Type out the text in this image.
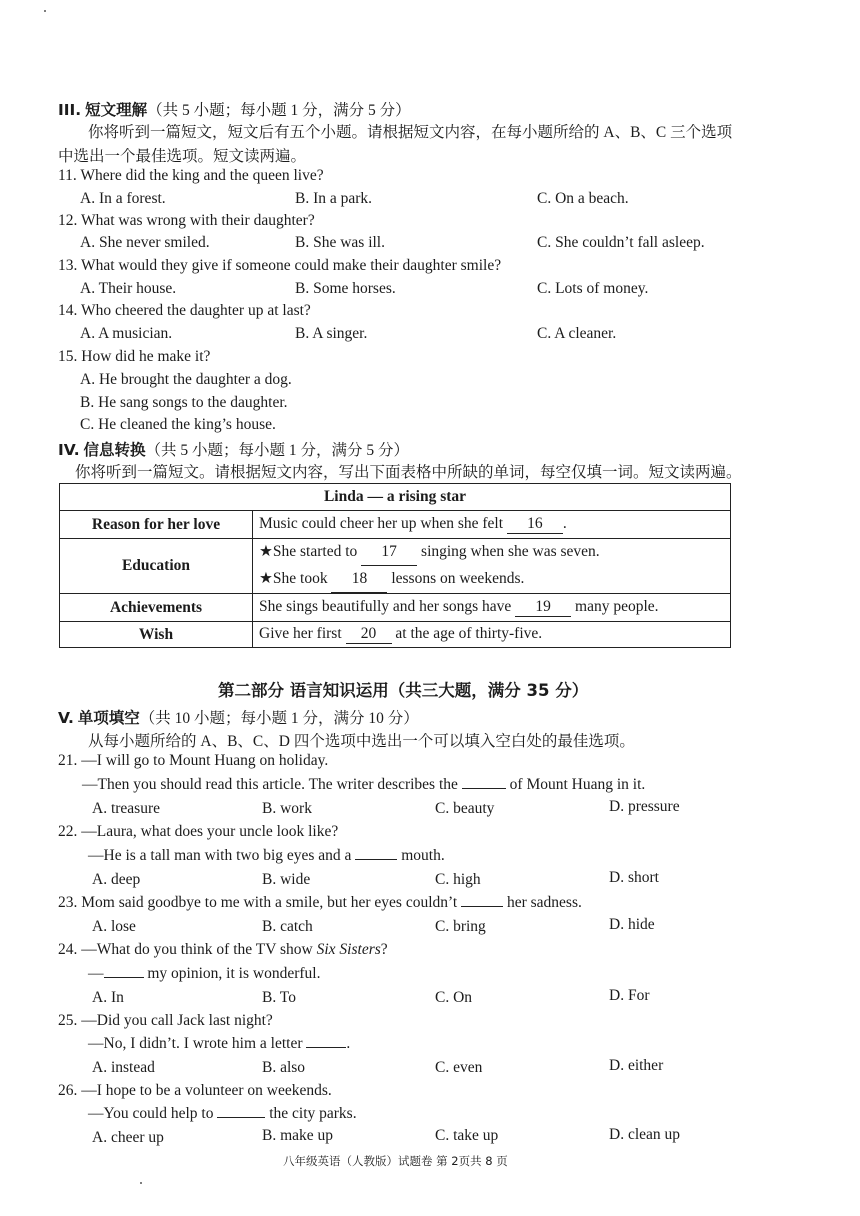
III. 短文理解（共 5 小题；每小题 1 分，满分 5 分）
你将听到一篇短文，短文后有五个小题。请根据短文内容，在每小题所给的 A、B、C 三个选项
中选出一个最佳选项。短文读两遍。
11. Where did the king and the queen live?
A. In a forest.	B. In a park.	C. On a beach.
12. What was wrong with their daughter?
A. She never smiled.	B. She was ill.	C. She couldn’t fall asleep.
13. What would they give if someone could make their daughter smile?
A. Their house.	B. Some horses.	C. Lots of money.
14. Who cheered the daughter up at last?
A. A musician.	B. A singer.	C. A cleaner.
15. How did he make it?
A. He brought the daughter a dog.
B. He sang songs to the daughter.
C. He cleaned the king’s house.
IV. 信息转换（共 5 小题；每小题 1 分，满分 5 分）
你将听到一篇短文。请根据短文内容，写出下面表格中所缺的单词，每空仅填一词。短文读两遍。
Linda — a rising star	
Reason for her love	Music could cheer her up when she felt 16 .
Education	★She started to 17 singing when she was seven.
★She took 18 lessons on weekends.

Achievements	She sings beautifully and her songs have 19 many people.
Wish	Give her first 20 at the age of thirty-five.
第二部分 语言知识运用（共三大题，满分 35 分）
V. 单项填空（共 10 小题；每小题 1 分，满分 10 分）
从每小题所给的 A、B、C、D 四个选项中选出一个可以填入空白处的最佳选项。
21. —I will go to Mount Huang on holiday.
—Then you should read this article. The writer describes the	of Mount Huang in it.
A. treasure	B. work	C. beauty	D. pressure
22. —Laura, what does your uncle look like?
—He is a tall man with two big eyes and a	mouth.
A. deep	B. wide	C. high	D. short
23. Mom said goodbye to me with a smile, but her eyes couldn’t	her sadness.
A. lose	B. catch	C. bring	D. hide
24. —What do you think of the TV show Six Sisters?
—	my opinion, it is wonderful.
A. In	B. To	C. On	D. For
25. —Did you call Jack last night?
—No, I didn’t. I wrote him a letter	.
A. instead	B. also	C. even	D. either
26. —I hope to be a volunteer on weekends.
—You could help to	the city parks.
A. cheer up	B. make up	C. take up	D. clean up
八年级英语（人教版）试题卷 第 2页共 8 页
